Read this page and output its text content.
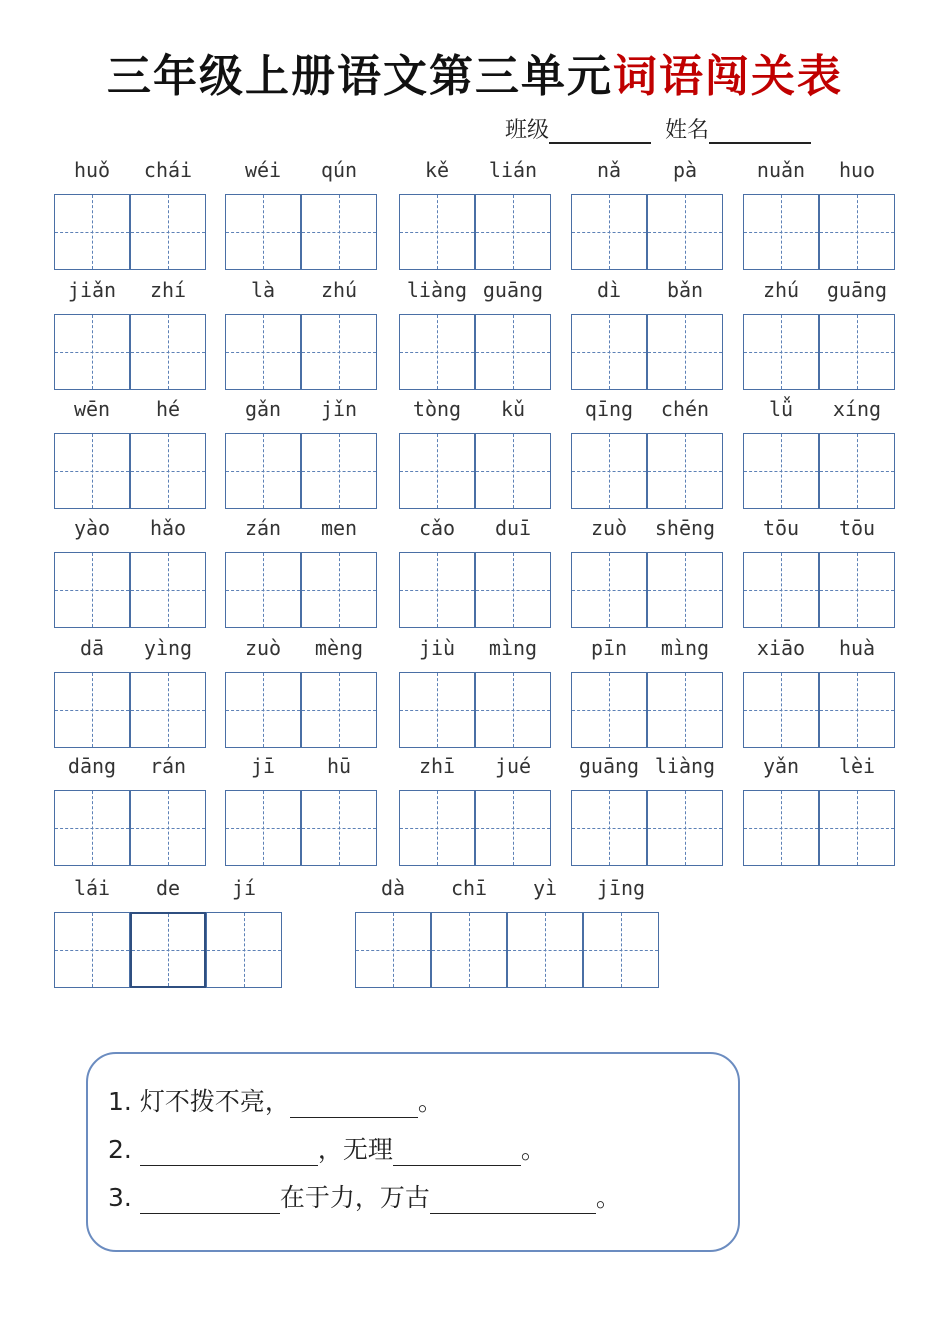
三年级上册语文第三单元词语闯关表
班级	姓名
huǒ	chái	wéi	qún	kě	lián	nǎ	pà	nuǎn	huo
jiǎn	zhí	là	zhú	liàng guāng	dì	bǎn	zhú	guāng
wēn	hé	gǎn	jǐn	tòng	kǔ	qīng	chén	lǚ	xíng
yào	hǎo	zán	men	cǎo	duī	zuò	shēng	tōu	tōu
dā	yìng	zuò	mèng	jiù	mìng	pīn	mìng	xiāo	huà
dāng	rán	jī	hū	zhī	jué	guāng liàng	yǎn	lèi
lái	de	jí	dà	chī	yì	jīng
1. 灯不拨不亮，	。
2.	，无理	。
3.	在于力，万古	。
